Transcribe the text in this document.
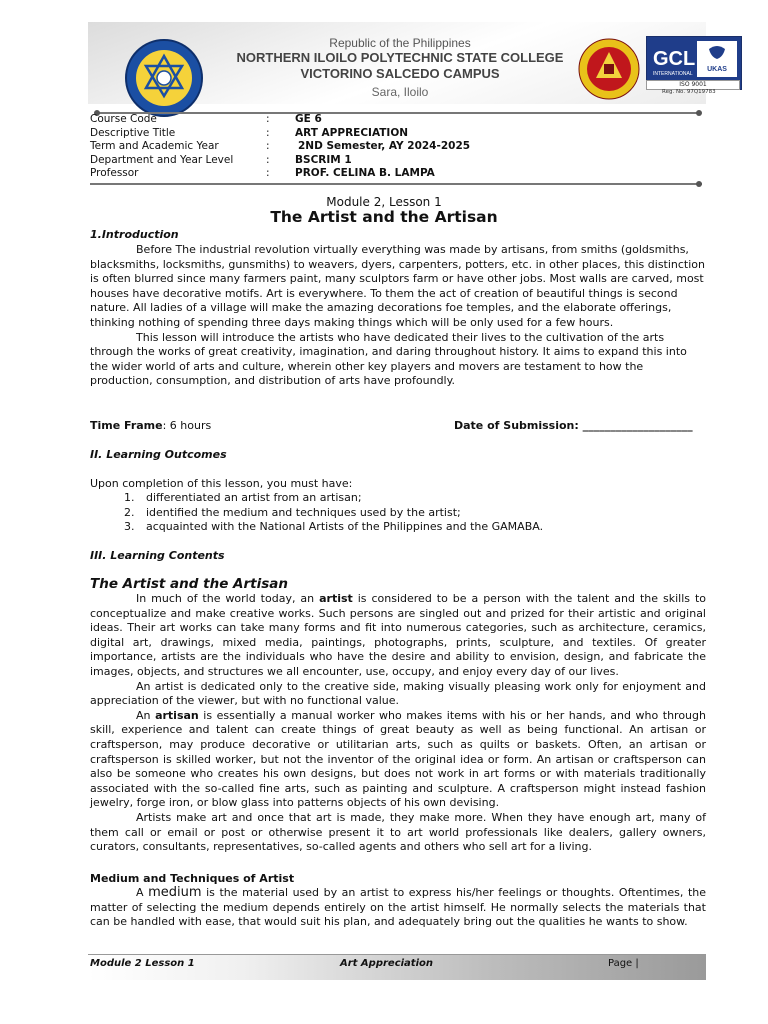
Republic of the Philippines
NORTHERN ILOILO POLYTECHNIC STATE COLLEGE
VICTORINO SALCEDO CAMPUS
Sara, Iloilo
GCL
INTERNATIONAL
UKAS
ISO 9001
Reg. No. 97Q19783
Course Code	:	GE 6
Descriptive Title	:	ART APPRECIATION
Term and Academic Year	:	2ND Semester, AY 2024-2025
Department and Year Level	:	BSCRIM 1
Professor	:	PROF. CELINA B. LAMPA
Module 2, Lesson 1
The Artist and the Artisan
1.Introduction

Before The industrial revolution virtually everything was made by artisans, from smiths (goldsmiths, blacksmiths, locksmiths, gunsmiths) to weavers, dyers, carpenters, potters, etc. in other places, this distinction is often blurred since many farmers paint, many sculptors farm or have other jobs. Most walls are carved, most houses have decorative motifs. Art is everywhere. To them the act of creation of beautiful things is second nature. All ladies of a village will make the amazing decorations foe temples, and the elaborate offerings, thinking nothing of spending three days making things which will be only used for a few hours.

This lesson will introduce the artists who have dedicated their lives to the cultivation of the arts through the works of great creativity, imagination, and daring throughout history. It aims to expand this into the wider world of arts and culture, wherein other key players and movers are testament to how the production, consumption, and distribution of arts have profoundly.

Time Frame: 6 hours	Date of Submission: ____________________
II. Learning Outcomes
Upon completion of this lesson, you must have:
1. differentiated an artist from an artisan;
2. identified the medium and techniques used by the artist;
3. acquainted with the National Artists of the Philippines and the GAMABA.
III. Learning Contents
The Artist and the Artisan

In much of the world today, an artist is considered to be a person with the talent and the skills to conceptualize and make creative works. Such persons are singled out and prized for their artistic and original ideas. Their art works can take many forms and fit into numerous categories, such as architecture, ceramics, digital art, drawings, mixed media, paintings, photographs, prints, sculpture, and textiles. Of greater importance, artists are the individuals who have the desire and ability to envision, design, and fabricate the images, objects, and structures we all encounter, use, occupy, and enjoy every day of our lives.

An artist is dedicated only to the creative side, making visually pleasing work only for enjoyment and appreciation of the viewer, but with no functional value.

An artisan is essentially a manual worker who makes items with his or her hands, and who through skill, experience and talent can create things of great beauty as well as being functional. An artisan or craftsperson, may produce decorative or utilitarian arts, such as quilts or baskets. Often, an artisan or craftsperson is skilled worker, but not the inventor of the original idea or form. An artisan or craftsperson can also be someone who creates his own designs, but does not work in art forms or with materials traditionally associated with the so-called fine arts, such as painting and sculpture. A craftsperson might instead fashion jewelry, forge iron, or blow glass into patterns objects of his own devising.

Artists make art and once that art is made, they make more. When they have enough art, many of them call or email or post or otherwise present it to art world professionals like dealers, gallery owners, curators, consultants, representatives, so-called agents and others who sell art for a living.

Medium and Techniques of Artist

A medium is the material used by an artist to express his/her feelings or thoughts. Oftentimes, the matter of selecting the medium depends entirely on the artist himself. He normally selects the materials that can be handled with ease, that would suit his plan, and adequately bring out the qualities he wants to show.

Module 2 Lesson 1	Art Appreciation	Page |
